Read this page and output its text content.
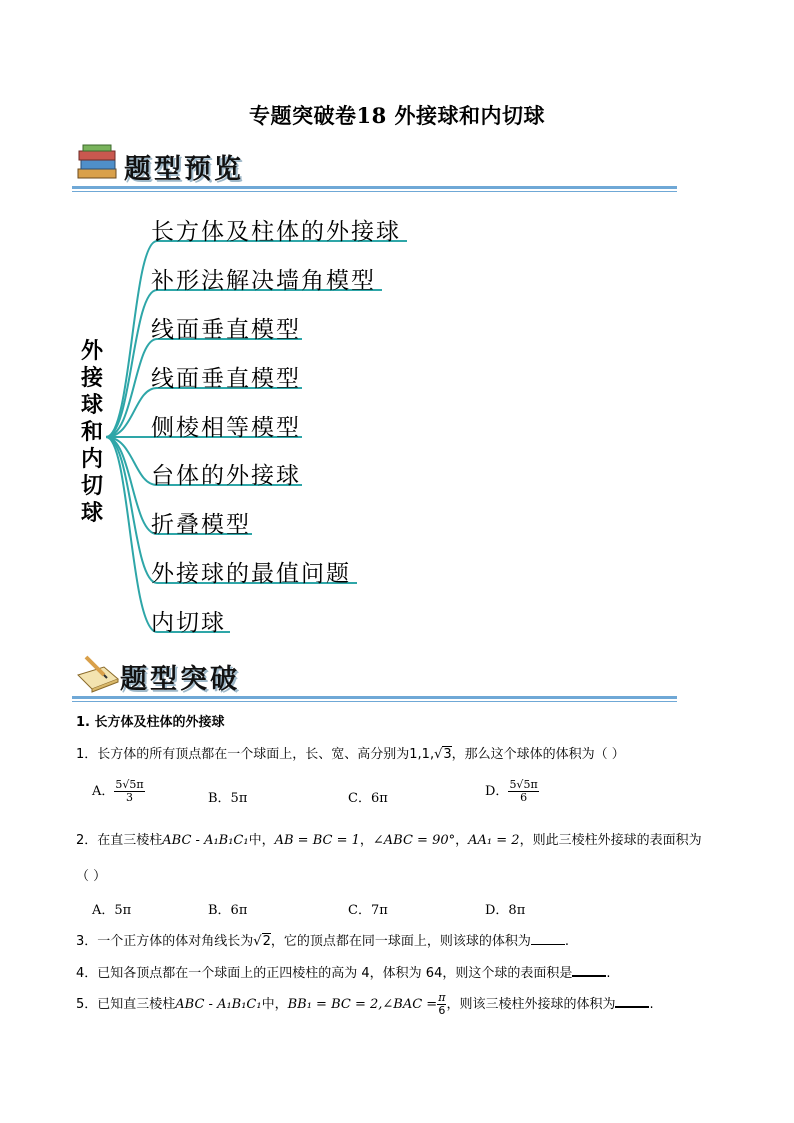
专题突破卷18 外接球和内切球
题型预览
外
接
球
和
内
切
球
长方体及柱体的外接球
补形法解决墙角模型
线面垂直模型
线面垂直模型
侧棱相等模型
台体的外接球
折叠模型
外接球的最值问题
内切球
题型突破
1. 长方体及柱体的外接球
1．长方体的所有顶点都在一个球面上，长、宽、高分别为1,1,√3，那么这个球体的体积为（ ）
A． $\frac{5√5\pi}{3}$	B．5π	C．6π	D． $\frac{5√5\pi}{6}$
2．在直三棱柱ABC - A₁B₁C₁中，AB = BC = 1，∠ABC = 90°，AA₁ = 2，则此三棱柱外接球的表面积为
（ ）
A．5π	B．6π	C．7π	D．8π
3．一个正方体的体对角线长为√2，它的顶点都在同一球面上，则该球的体积为	.
4．已知各顶点都在一个球面上的正四棱柱的高为 4，体积为 64，则这个球的表面积是	.
5．已知直三棱柱ABC - A₁B₁C₁中，BB₁ = BC = 2,∠BAC = $\frac{\pi}{6}$ ，则该三棱柱外接球的体积为	.
